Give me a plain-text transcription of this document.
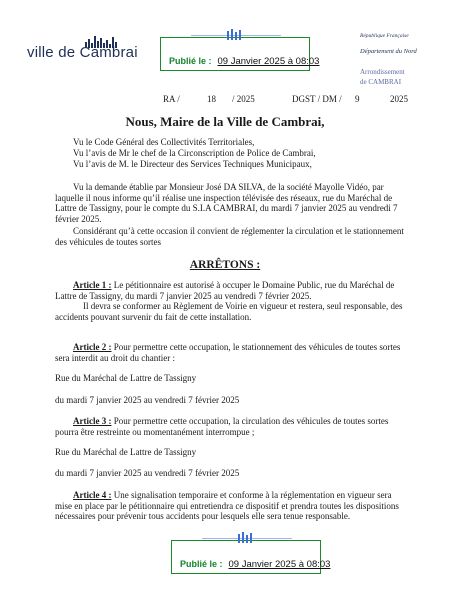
ville de Cambrai	Publié le : 09 Janvier 2025 à 08:03
République Française
Département du Nord
Arrondissement
de CAMBRAI
RA /	18 / 2025	DGST / DM / 9	2025
Nous, Maire de la Ville de Cambrai,
Vu le Code Général des Collectivités Territoriales,
Vu l’avis de Mr le chef de la Circonscription de Police de Cambrai,
Vu l’avis de M. le Directeur des Services Techniques Municipaux,
Vu la demande établie par Monsieur José DA SILVA, de la société Mayolle Vidéo, par laquelle il nous informe qu’il réalise une inspection télévisée des réseaux, rue du Maréchal de Lattre de Tassigny, pour le compte du S.I.A CAMBRAI, du mardi 7 janvier 2025 au vendredi 7 février 2025.
Considérant qu’à cette occasion il convient de réglementer la circulation et le stationnement des véhicules de toutes sortes
ARRÊTONS :
Article 1 : Le pétitionnaire est autorisé à occuper le Domaine Public, rue du Maréchal de Lattre de Tassigny, du mardi 7 janvier 2025 au vendredi 7 février 2025.
Il devra se conformer au Règlement de Voirie en vigueur et restera, seul responsable, des accidents pouvant survenir du fait de cette installation.
Article 2 : Pour permettre cette occupation, le stationnement des véhicules de toutes sortes sera interdit au droit du chantier :
Rue du Maréchal de Lattre de Tassigny
du mardi 7 janvier 2025 au vendredi 7 février 2025
Article 3 : Pour permettre cette occupation, la circulation des véhicules de toutes sortes pourra être restreinte ou momentanément interrompue ;
Rue du Maréchal de Lattre de Tassigny
du mardi 7 janvier 2025 au vendredi 7 février 2025
Article 4 : Une signalisation temporaire et conforme à la réglementation en vigueur sera mise en place par le pétitionnaire qui entretiendra ce dispositif et prendra toutes les dispositions nécessaires pour prévenir tous accidents pour lesquels elle sera tenue responsable.
Publié le : 09 Janvier 2025 à 08:03
